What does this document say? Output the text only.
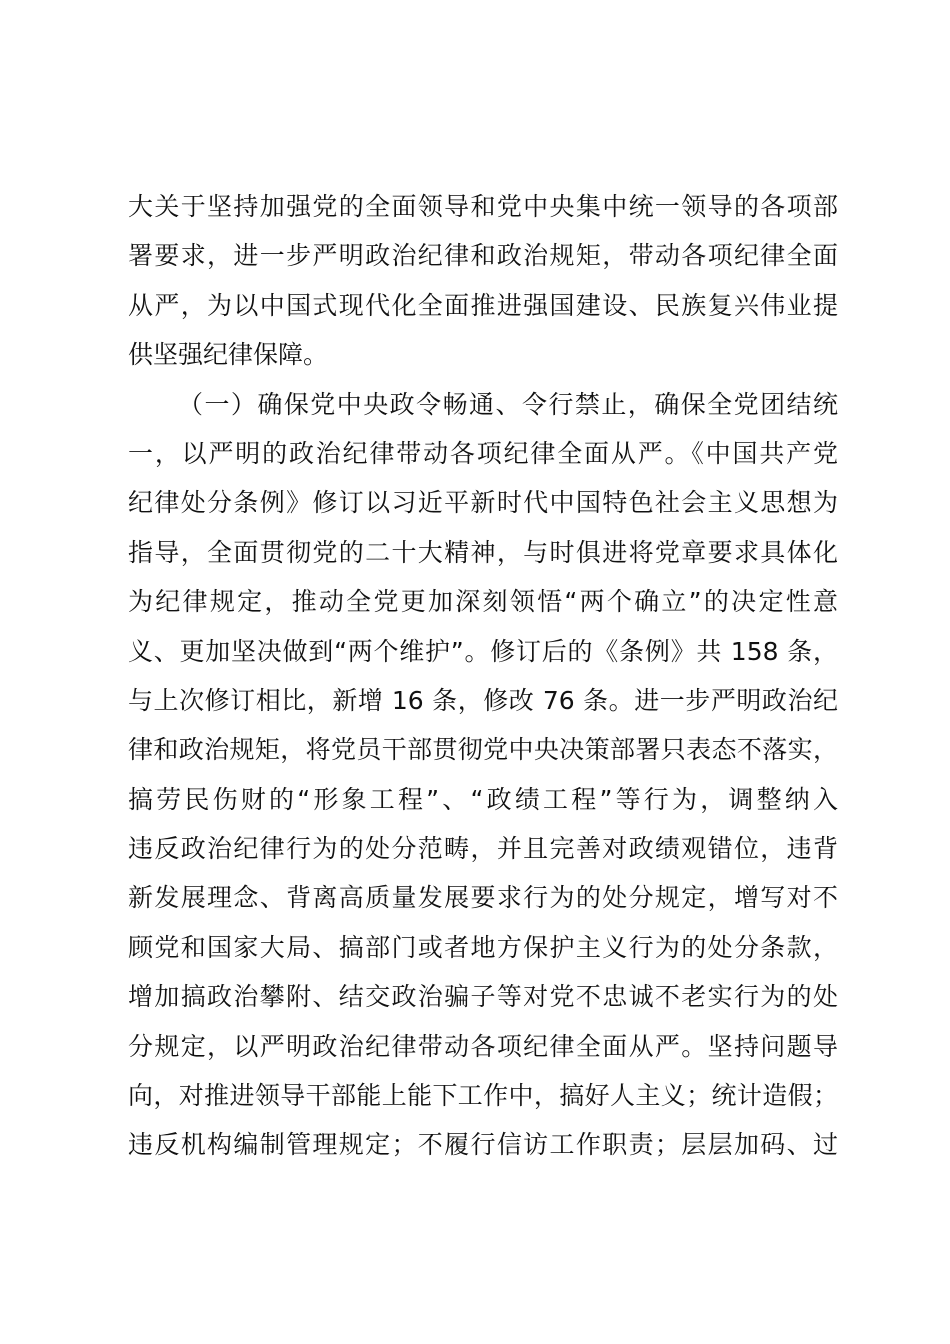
大关于坚持加强党的全面领导和党中央集中统一领导的各项部
署要求，进一步严明政治纪律和政治规矩，带动各项纪律全面
从严，为以中国式现代化全面推进强国建设、民族复兴伟业提
供坚强纪律保障。
（一）确保党中央政令畅通、令行禁止，确保全党团结统
一，以严明的政治纪律带动各项纪律全面从严。《中国共产党
纪律处分条例》修订以习近平新时代中国特色社会主义思想为
指导，全面贯彻党的二十大精神，与时俱进将党章要求具体化
为纪律规定，推动全党更加深刻领悟“两个确立”的决定性意
义、更加坚决做到“两个维护”。修订后的《条例》共 158 条，
与上次修订相比，新增 16 条，修改 76 条。进一步严明政治纪
律和政治规矩，将党员干部贯彻党中央决策部署只表态不落实，
搞劳民伤财的“形象工程”、“政绩工程”等行为，调整纳入
违反政治纪律行为的处分范畴，并且完善对政绩观错位，违背
新发展理念、背离高质量发展要求行为的处分规定，增写对不
顾党和国家大局、搞部门或者地方保护主义行为的处分条款，
增加搞政治攀附、结交政治骗子等对党不忠诚不老实行为的处
分规定，以严明政治纪律带动各项纪律全面从严。坚持问题导
向，对推进领导干部能上能下工作中，搞好人主义；统计造假；
违反机构编制管理规定；不履行信访工作职责；层层加码、过
